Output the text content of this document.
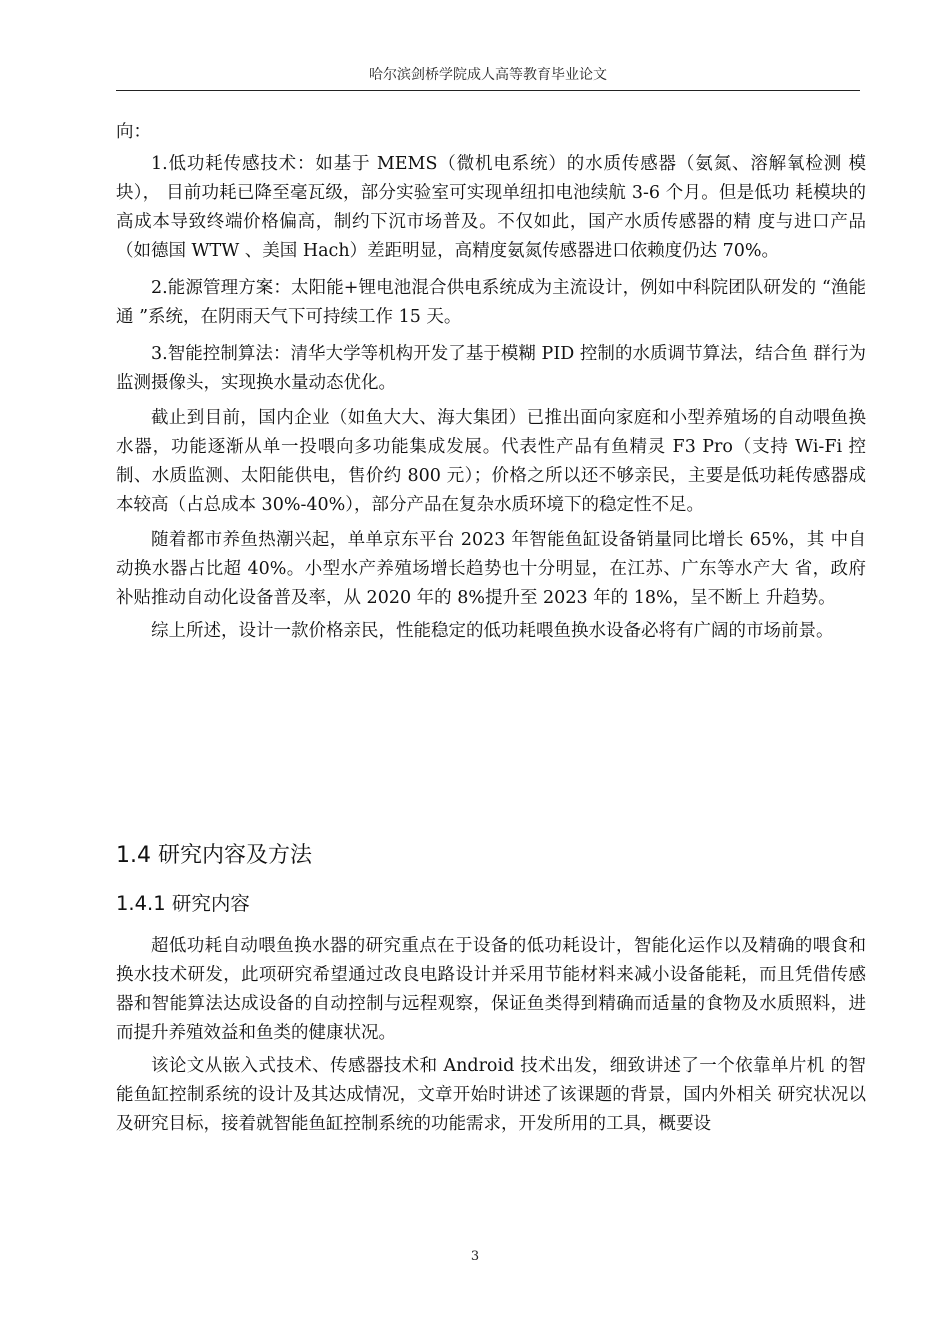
哈尔滨剑桥学院成人高等教育毕业论文

向：

1.低功耗传感技术：如基于 MEMS（微机电系统）的水质传感器（氨氮、溶解氧检测 模块）， 目前功耗已降至毫瓦级，部分实验室可实现单纽扣电池续航 3-6 个月。但是低功 耗模块的高成本导致终端价格偏高，制约下沉市场普及。不仅如此，国产水质传感器的精 度与进口产品（如德国 WTW 、美国 Hach）差距明显，高精度氨氮传感器进口依赖度仍达 70%。

2.能源管理方案：太阳能+锂电池混合供电系统成为主流设计，例如中科院团队研发的 “渔能通 ”系统，在阴雨天气下可持续工作 15 天。

3.智能控制算法：清华大学等机构开发了基于模糊 PID 控制的水质调节算法，结合鱼 群行为监测摄像头，实现换水量动态优化。

截止到目前，国内企业（如鱼大大、海大集团）已推出面向家庭和小型养殖场的自动喂鱼换水器，功能逐渐从单一投喂向多功能集成发展。代表性产品有鱼精灵 F3 Pro（支持 Wi-Fi 控制、水质监测、太阳能供电，售价约 800 元）；价格之所以还不够亲民，主要是低功耗传感器成本较高（占总成本 30%-40%），部分产品在复杂水质环境下的稳定性不足。

随着都市养鱼热潮兴起，单单京东平台 2023 年智能鱼缸设备销量同比增长 65%，其 中自动换水器占比超 40%。小型水产养殖场增长趋势也十分明显，在江苏、广东等水产大 省，政府补贴推动自动化设备普及率，从 2020 年的 8%提升至 2023 年的 18%，呈不断上 升趋势。

综上所述，设计一款价格亲民，性能稳定的低功耗喂鱼换水设备必将有广阔的市场前景。

1.4 研究内容及方法
1.4.1 研究内容

超低功耗自动喂鱼换水器的研究重点在于设备的低功耗设计，智能化运作以及精确的喂食和换水技术研发，此项研究希望通过改良电路设计并采用节能材料来减小设备能耗，而且凭借传感器和智能算法达成设备的自动控制与远程观察，保证鱼类得到精确而适量的食物及水质照料，进而提升养殖效益和鱼类的健康状况。

该论文从嵌入式技术、传感器技术和 Android 技术出发，细致讲述了一个依靠单片机 的智能鱼缸控制系统的设计及其达成情况，文章开始时讲述了该课题的背景，国内外相关 研究状况以及研究目标，接着就智能鱼缸控制系统的功能需求，开发所用的工具，概要设

3
